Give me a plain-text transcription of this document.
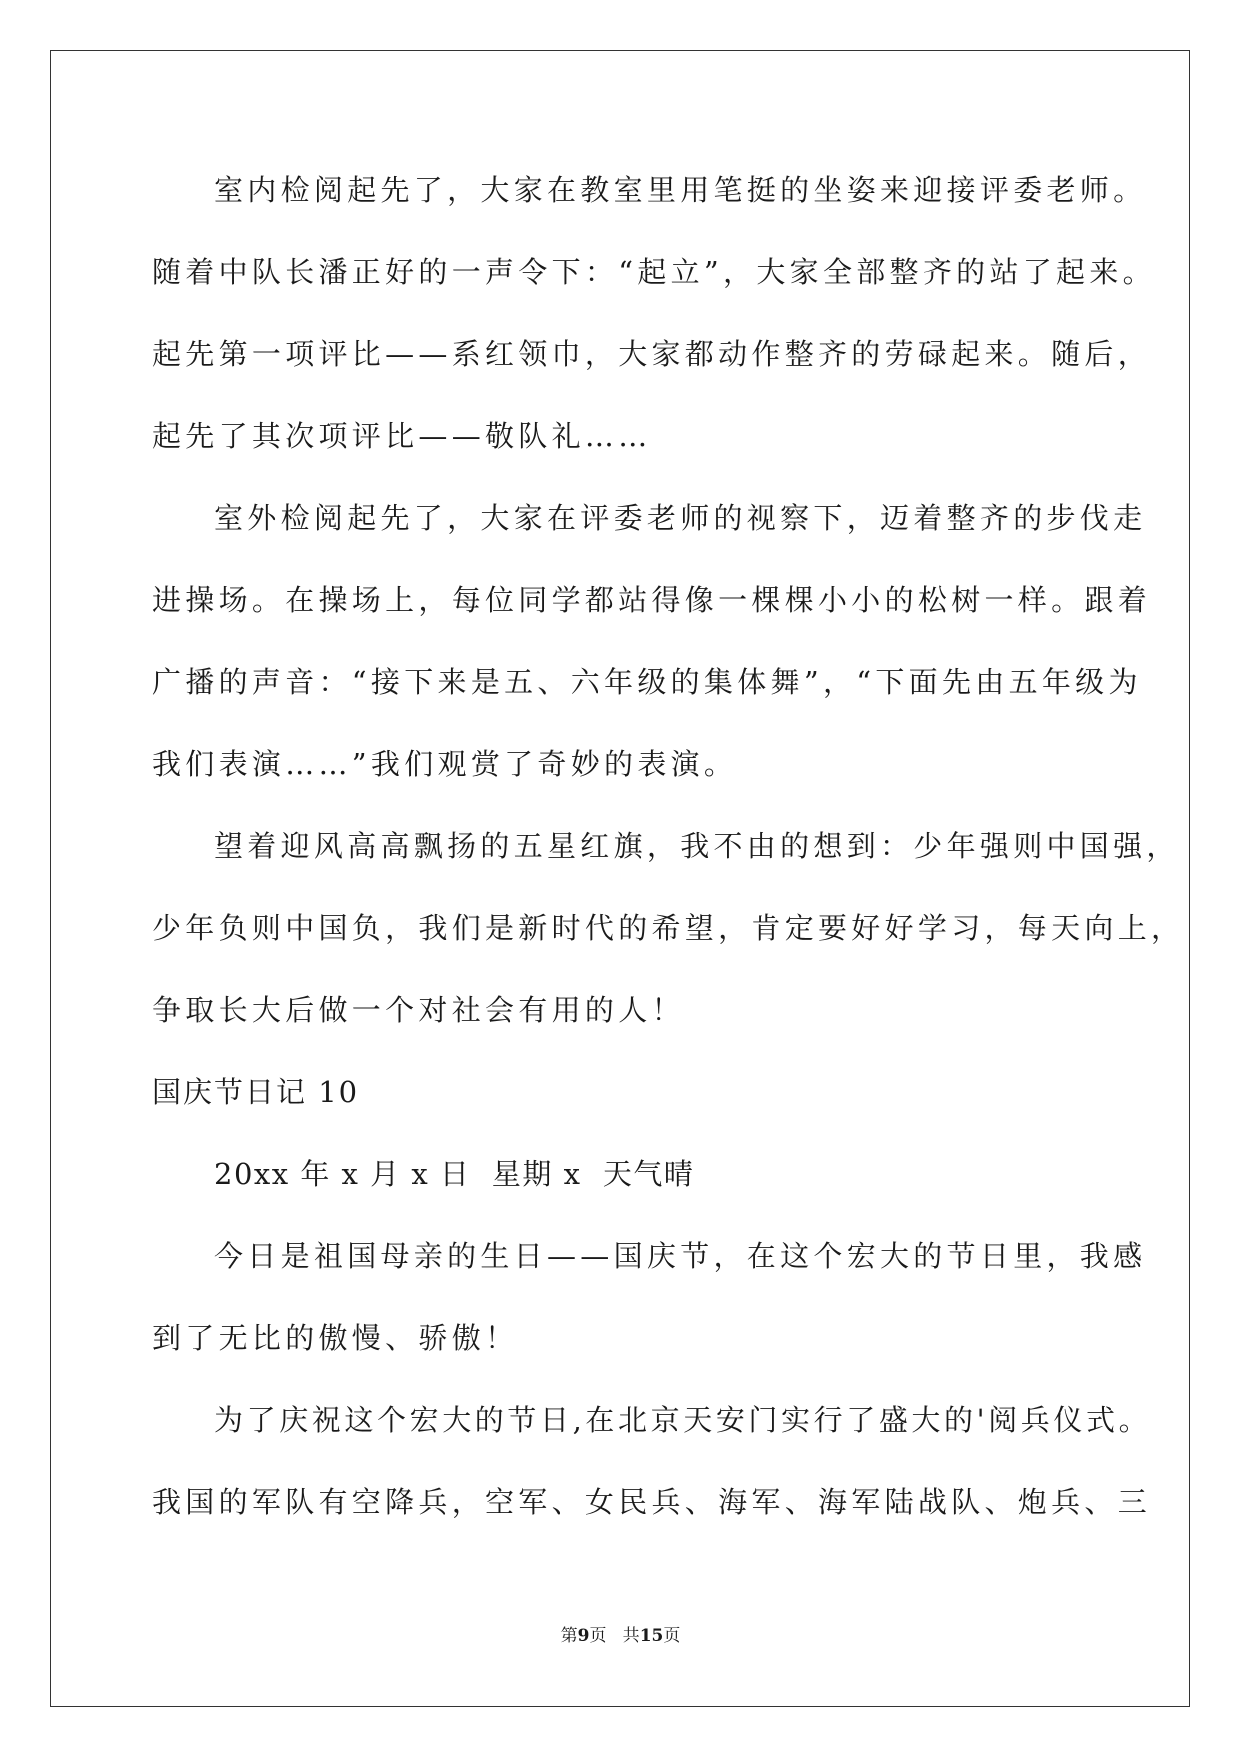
室内检阅起先了，大家在教室里用笔挺的坐姿来迎接评委老师。
随着中队长潘正好的一声令下：“起立”，大家全部整齐的站了起来。
起先第一项评比——系红领巾，大家都动作整齐的劳碌起来。随后，
起先了其次项评比——敬队礼……
室外检阅起先了，大家在评委老师的视察下，迈着整齐的步伐走
进操场。在操场上，每位同学都站得像一棵棵小小的松树一样。跟着
广播的声音：“接下来是五、六年级的集体舞”，“下面先由五年级为
我们表演……”我们观赏了奇妙的表演。
望着迎风高高飘扬的五星红旗，我不由的想到：少年强则中国强，
少年负则中国负，我们是新时代的希望，肯定要好好学习，每天向上，
争取长大后做一个对社会有用的人！
国庆节日记 10
20xx 年 x 月 x 日  星期 x  天气晴
今日是祖国母亲的生日——国庆节，在这个宏大的节日里，我感
到了无比的傲慢、骄傲！
为了庆祝这个宏大的节日,在北京天安门实行了盛大的'阅兵仪式。
我国的军队有空降兵，空军、女民兵、海军、海军陆战队、炮兵、三
第9页   共15页
